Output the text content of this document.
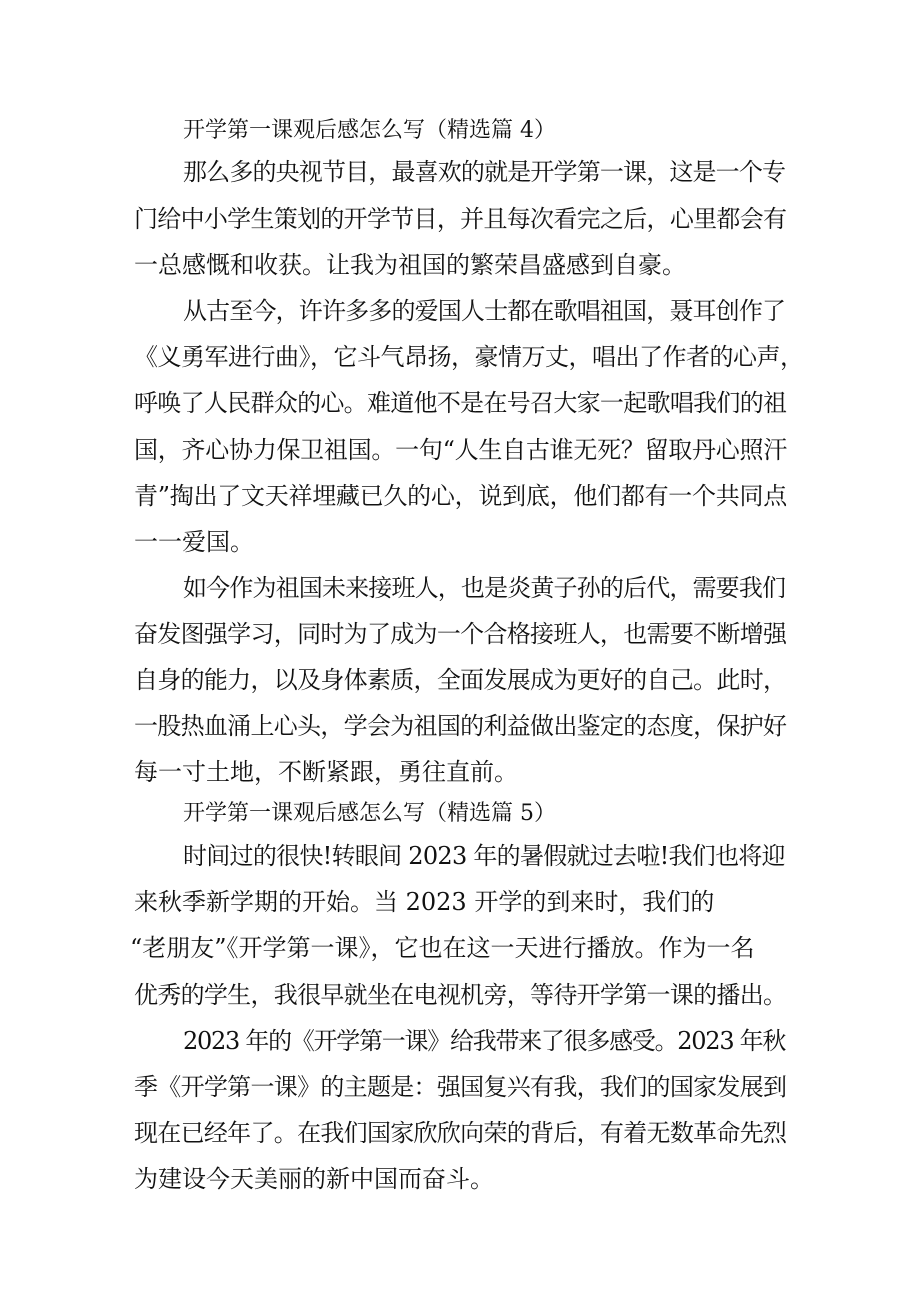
开学第一课观后感怎么写（精选篇 4）

那么多的央视节目，最喜欢的就是开学第一课，这是一个专

门给中小学生策划的开学节目，并且每次看完之后，心里都会有

一总感慨和收获。让我为祖国的繁荣昌盛感到自豪。

从古至今，许许多多的爱国人士都在歌唱祖国，聂耳创作了

《义勇军进行曲》，它斗气昂扬，豪情万丈，唱出了作者的心声，

呼唤了人民群众的心。难道他不是在号召大家一起歌唱我们的祖

国，齐心协力保卫祖国。一句“人生自古谁无死？留取丹心照汗

青”掏出了文天祥埋藏已久的心，说到底，他们都有一个共同点

一一爱国。

如今作为祖国未来接班人，也是炎黄子孙的后代，需要我们

奋发图强学习，同时为了成为一个合格接班人，也需要不断增强

自身的能力，以及身体素质，全面发展成为更好的自己。此时，

一股热血涌上心头，学会为祖国的利益做出鉴定的态度，保护好

每一寸土地，不断紧跟，勇往直前。

开学第一课观后感怎么写（精选篇 5）

时间过的很快!转眼间 2023 年的暑假就过去啦!我们也将迎

来秋季新学期的开始。当 2023 开学的到来时，我们的

“老朋友”《开学第一课》，它也在这一天进行播放。作为一名

优秀的学生，我很早就坐在电视机旁，等待开学第一课的播出。

2023 年的《开学第一课》给我带来了很多感受。2023 年秋

季《开学第一课》的主题是：强国复兴有我，我们的国家发展到

现在已经年了。在我们国家欣欣向荣的背后，有着无数革命先烈

为建设今天美丽的新中国而奋斗。
